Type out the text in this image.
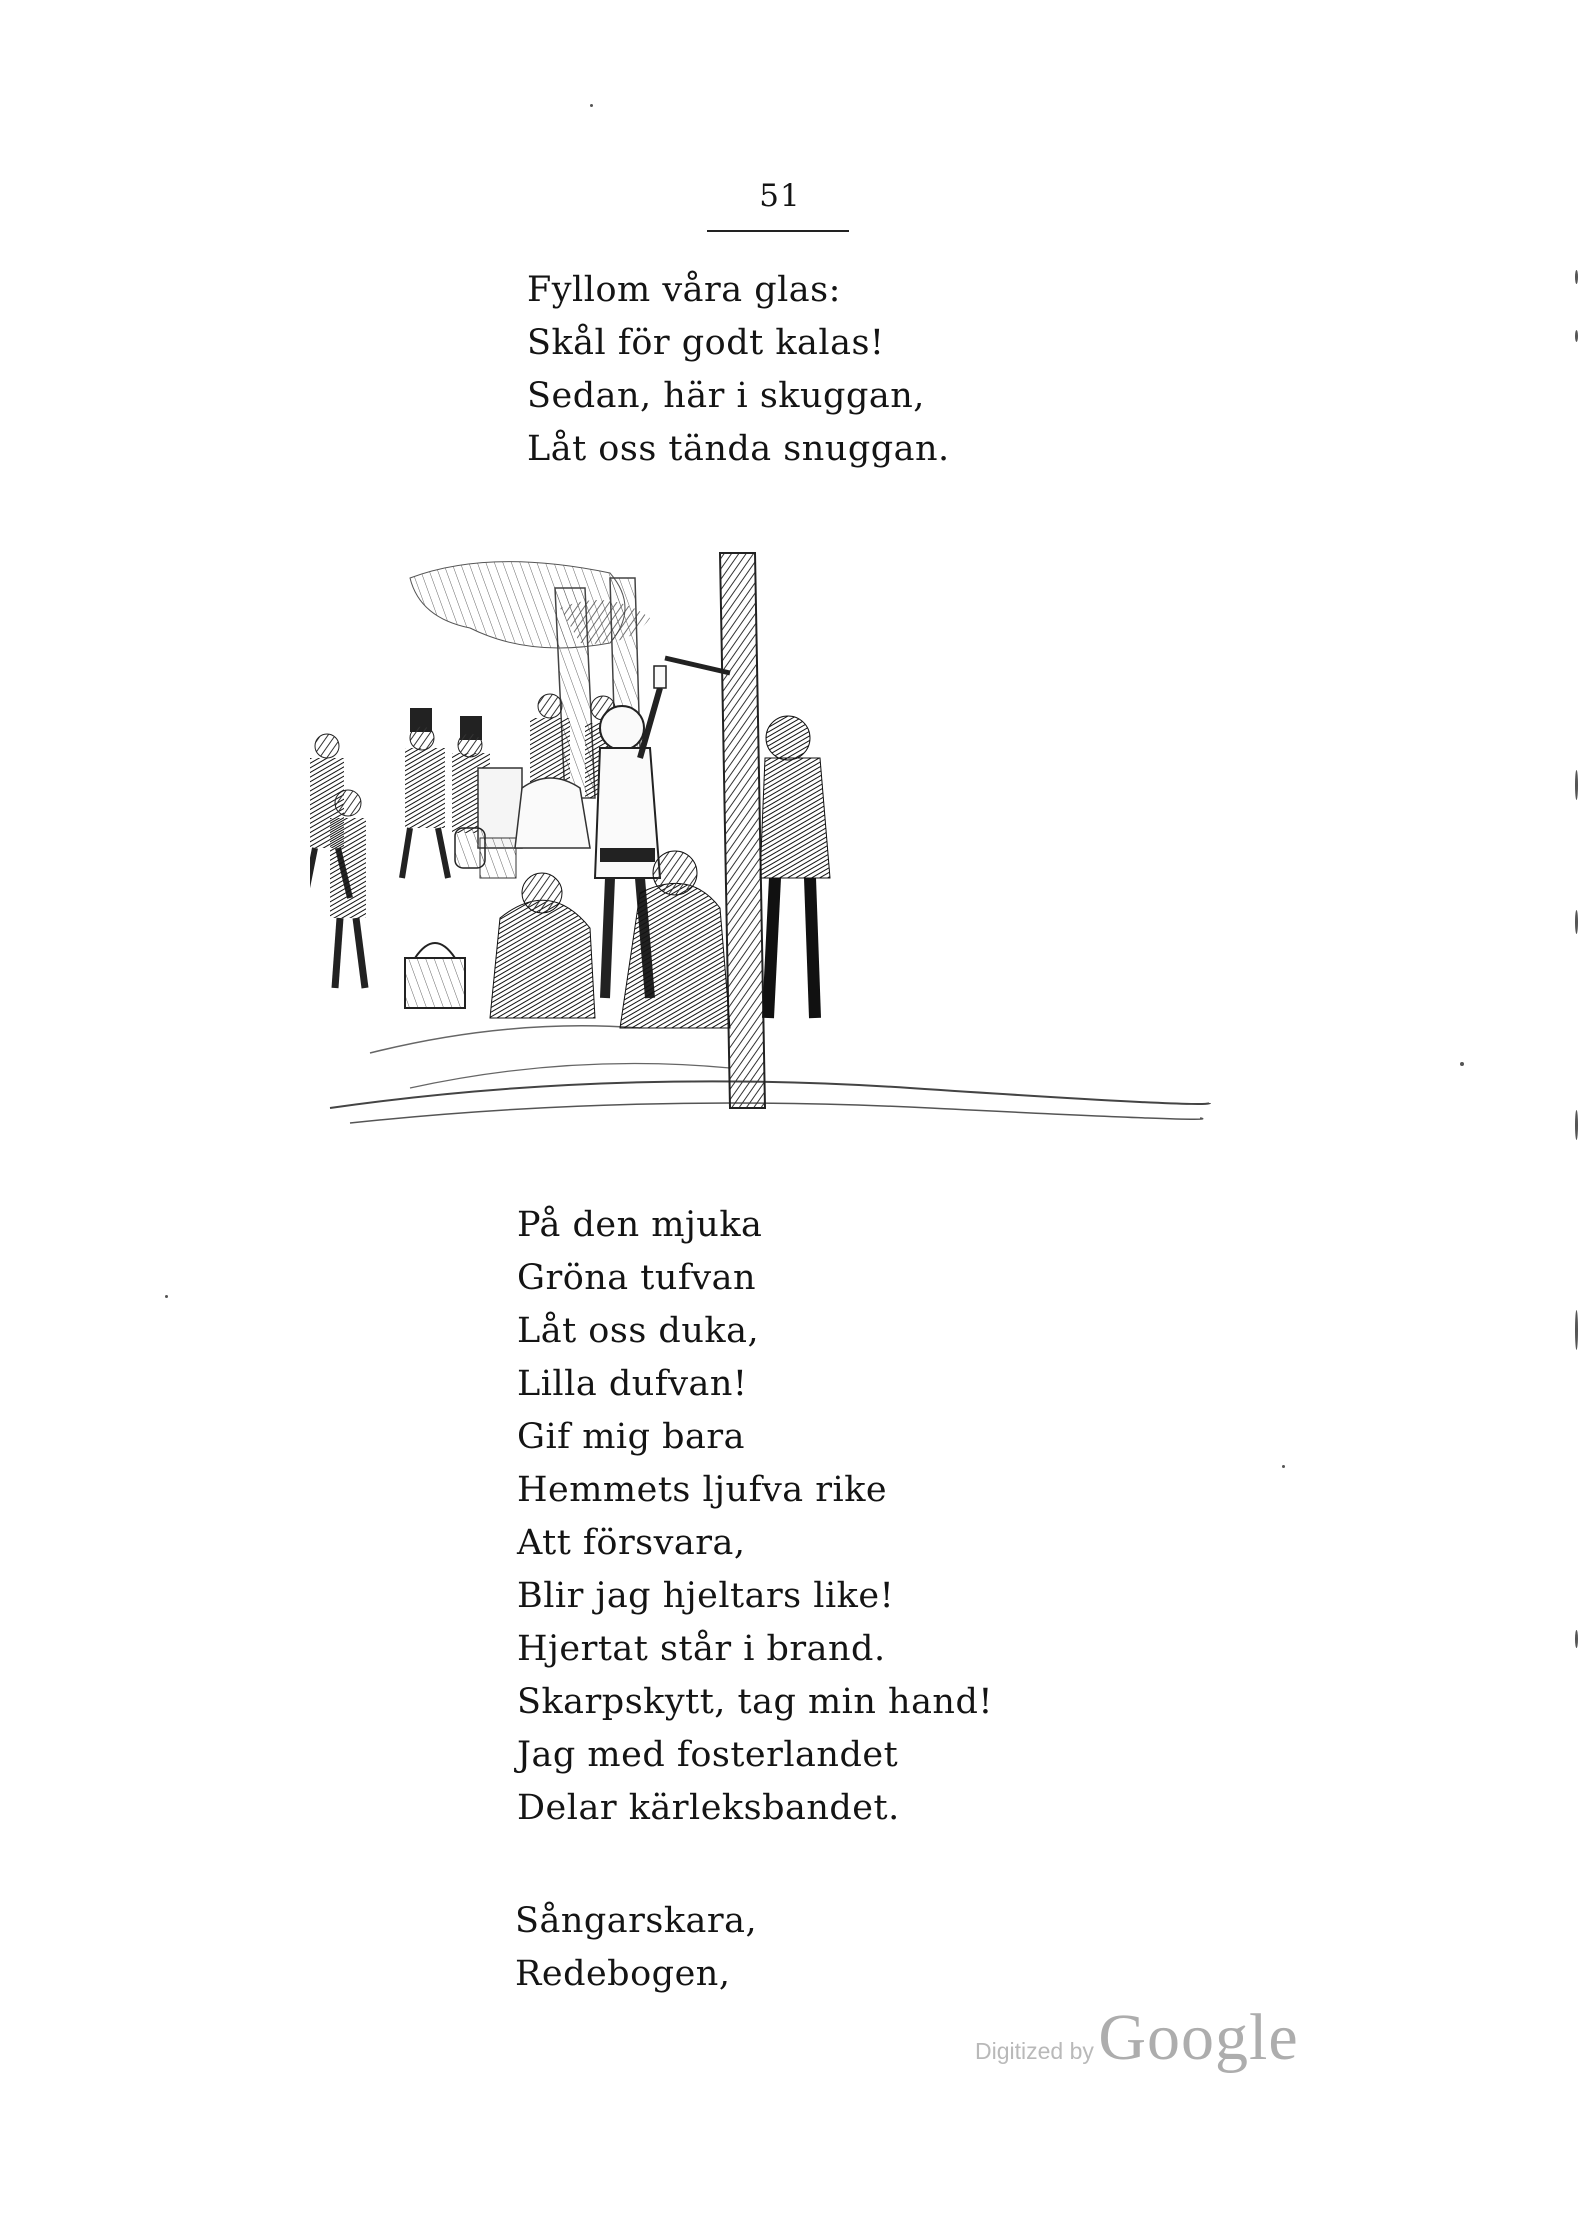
51
Fyllom våra glas:
Skål för godt kalas!
Sedan, här i skuggan,
Låt oss tända snuggan.
På den mjuka
Gröna tufvan
Låt oss duka,
Lilla dufvan!
Gif mig bara
Hemmets ljufva rike
Att försvara,
Blir jag hjeltars like!
Hjertat står i brand.
Skarpskytt, tag min hand!
Jag med fosterlandet
Delar kärleksbandet.
Sångarskara,
Redebogen,
Digitized by Google
